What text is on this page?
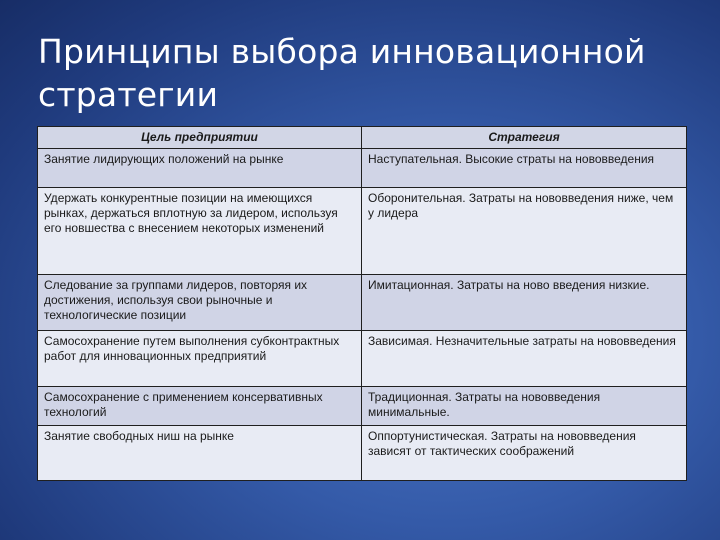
Принципы выбора инновационной стратегии
Цель предприятии	Стратегия
Занятие лидирующих положений на рынке	Наступательная. Высокие страты на нововведения
Удержать конкурентные позиции на имеющихся рынках, держаться вплотную за лидером, используя его новшества с внесением некоторых изменений	Оборонительная. Затраты на нововведения ниже, чем у лидера
Следование за группами лидеров, повторяя их достижения, используя свои рыночные и технологические позиции	Имитационная. Затраты на ново введения низкие.
Самосохранение путем выполнения субконтрактных работ для инновационных предприятий	Зависимая. Незначительные затраты на нововведения
Самосохранение с применением консервативных технологий	Традиционная. Затраты на нововведения минимальные.
Занятие свободных ниш на рынке	Оппортунистическая. Затраты на нововведения зависят от тактических соображений
